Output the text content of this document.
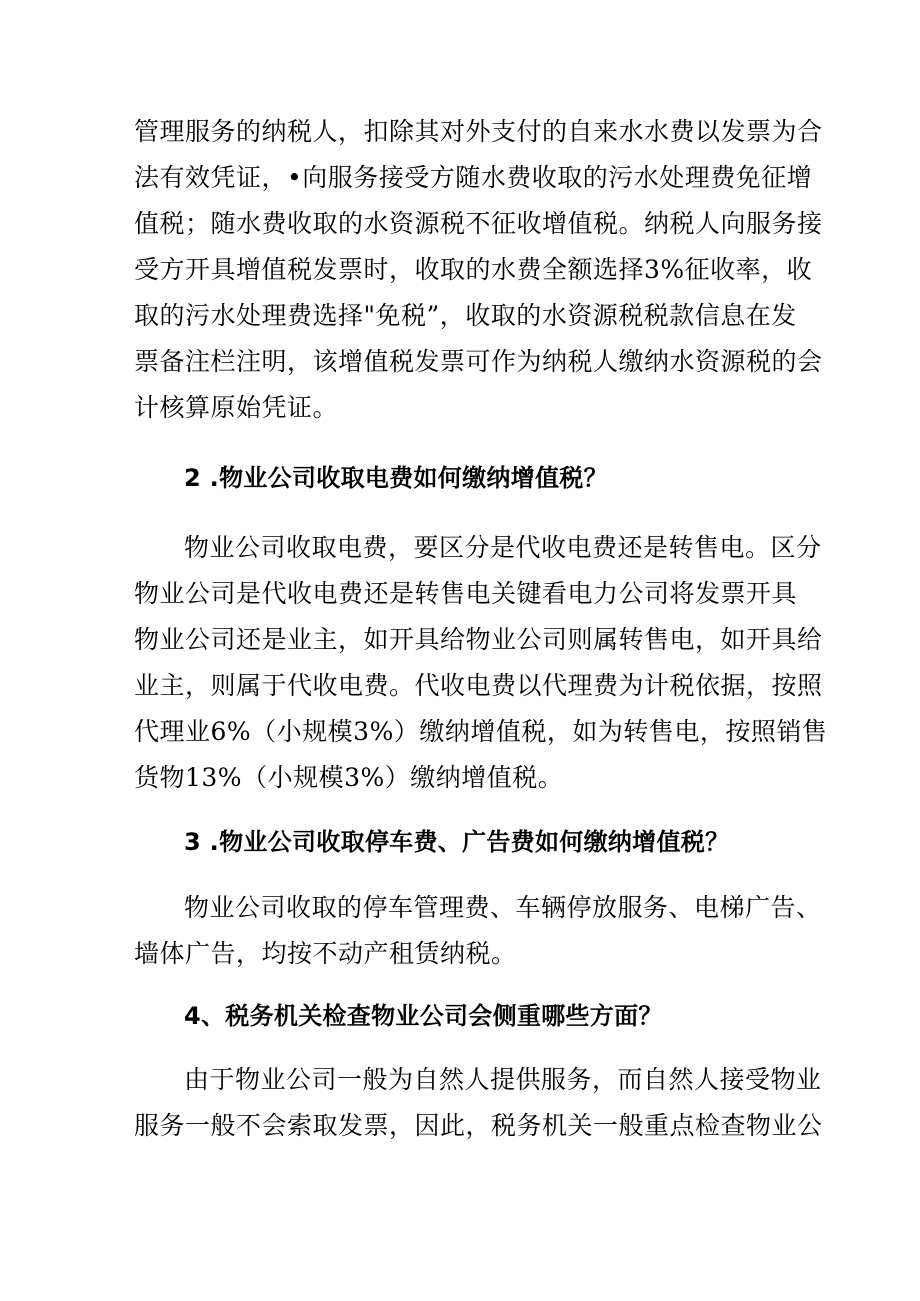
管理服务的纳税人，扣除其对外支付的自来水水费以发票为合
法有效凭证，•向服务接受方随水费收取的污水处理费免征增
值税；随水费收取的水资源税不征收增值税。纳税人向服务接
受方开具增值税发票时，收取的水费全额选择3%征收率，收
取的污水处理费选择"免税”，收取的水资源税税款信息在发
票备注栏注明，该增值税发票可作为纳税人缴纳水资源税的会
计核算原始凭证。
2 .物业公司收取电费如何缴纳增值税？
物业公司收取电费，要区分是代收电费还是转售电。区分
物业公司是代收电费还是转售电关键看电力公司将发票开具
物业公司还是业主，如开具给物业公司则属转售电，如开具给
业主，则属于代收电费。代收电费以代理费为计税依据，按照
代理业6%（小规模3%）缴纳增值税，如为转售电，按照销售
货物13%（小规模3%）缴纳增值税。
3 .物业公司收取停车费、广告费如何缴纳增值税？
物业公司收取的停车管理费、车辆停放服务、电梯广告、
墙体广告，均按不动产租赁纳税。
4、税务机关检查物业公司会侧重哪些方面？
由于物业公司一般为自然人提供服务，而自然人接受物业
服务一般不会索取发票，因此，税务机关一般重点检查物业公
